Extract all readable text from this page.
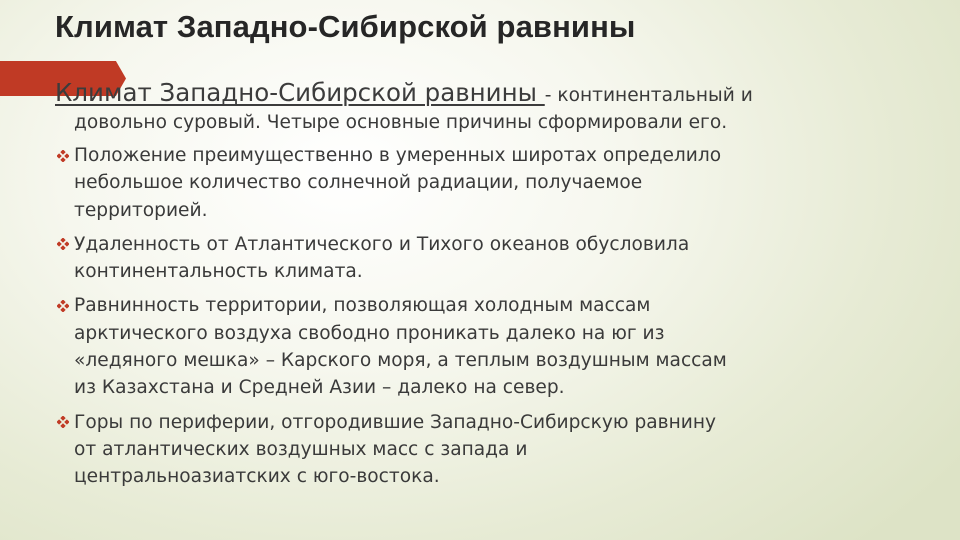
Климат Западно-Сибирской равнины

Климат Западно-Сибирской равнины - континентальный и
довольно суровый. Четыре основные причины сформировали его.

Положение преимущественно в умеренных широтах определило
небольшое количество солнечной радиации, получаемое
территорией.
Удаленность от Атлантического и Тихого океанов обусловила
континентальность климата.
Равнинность территории, позволяющая холодным массам
арктического воздуха свободно проникать далеко на юг из
«ледяного мешка» – Карского моря, а теплым воздушным массам
из Казахстана и Средней Азии – далеко на север.
Горы по периферии, отгородившие Западно-Сибирскую равнину
от атлантических воздушных масс с запада и
центральноазиатских с юго-востока.
